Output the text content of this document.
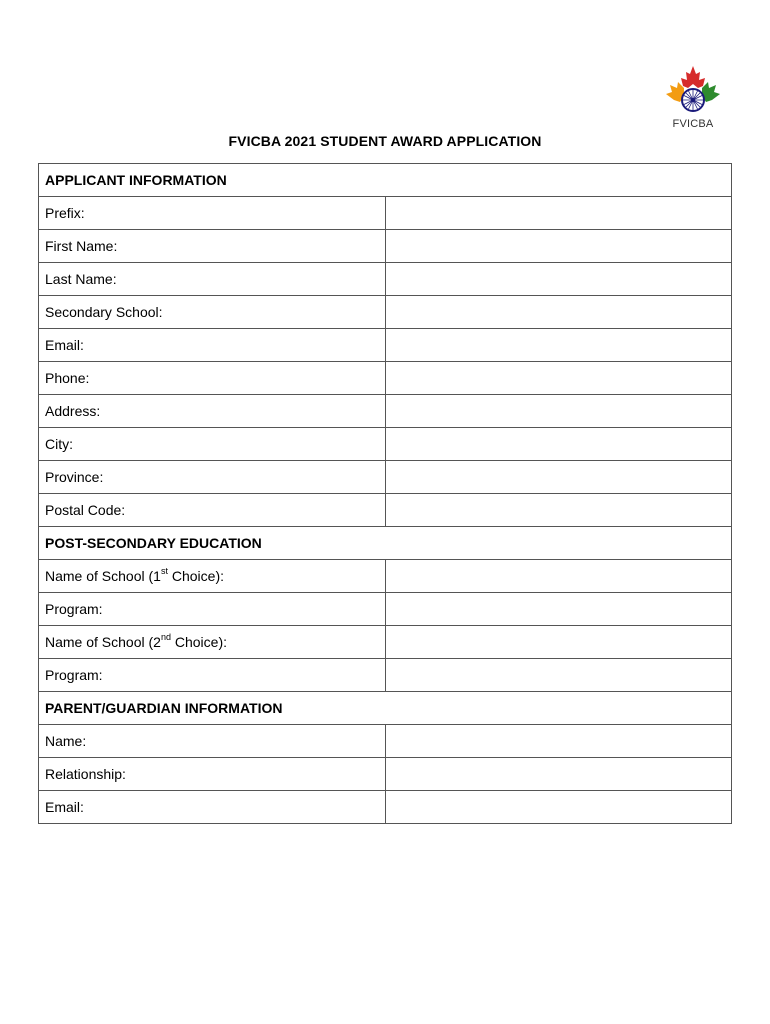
FVICBA
FVICBA 2021 STUDENT AWARD APPLICATION
APPLICANT INFORMATION	
Prefix:	
First Name:	
Last Name:	
Secondary School:	
Email:	
Phone:	
Address:	
City:	
Province:	
Postal Code:	
POST-SECONDARY EDUCATION	
Name of School (1st Choice):	
Program:	
Name of School (2nd Choice):	
Program:	
PARENT/GUARDIAN INFORMATION	
Name:	
Relationship:	
Email:	
